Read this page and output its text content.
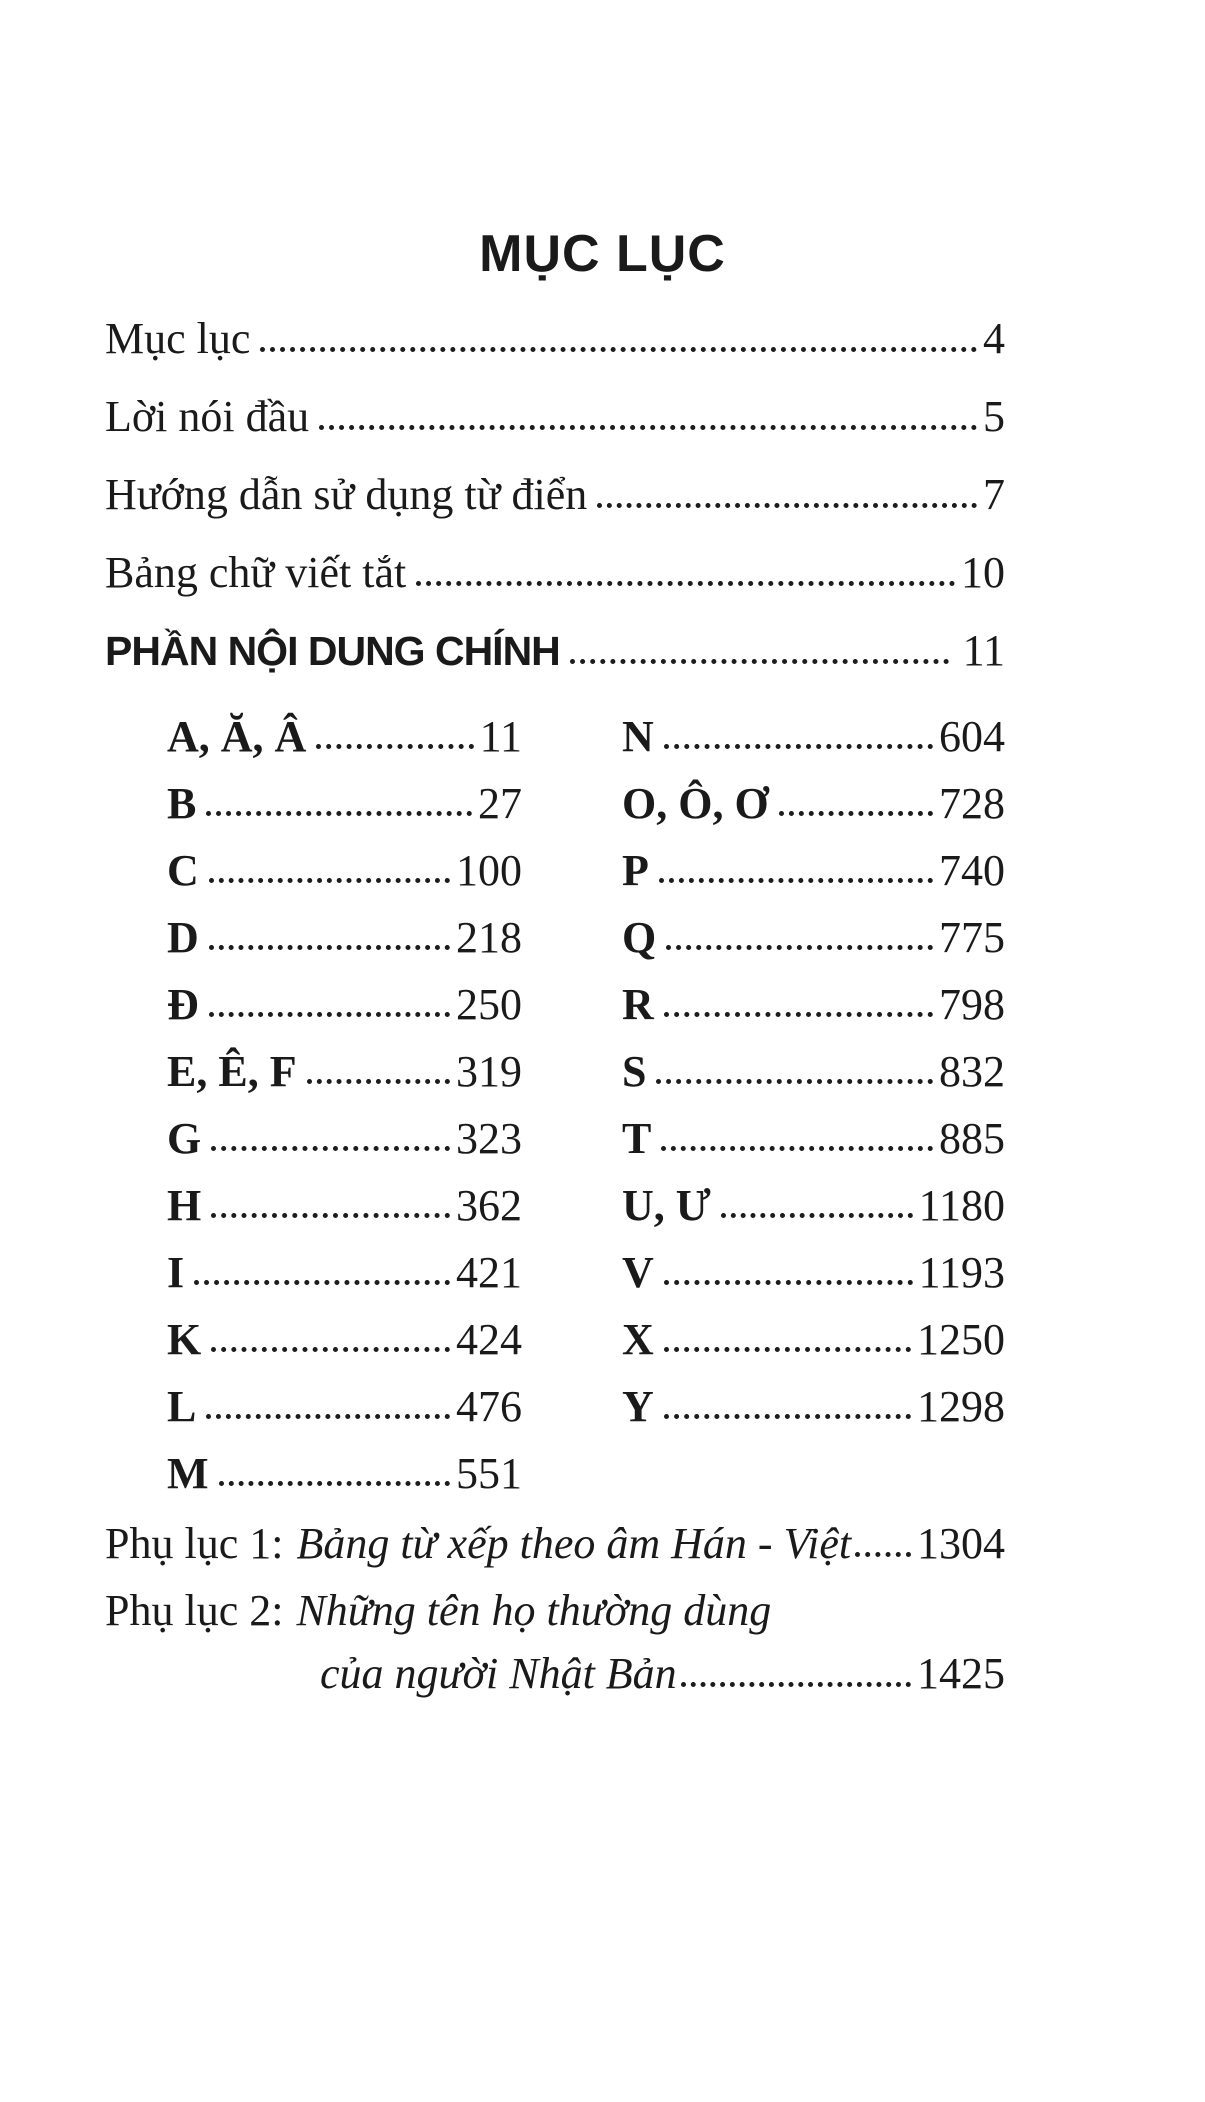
MỤC LỤC
Mục lục	4
Lời nói đầu	5
Hướng dẫn sử dụng từ điển	7
Bảng chữ viết tắt	10
PHẦN NỘI DUNG CHÍNH	11
A, Ă, Â	11
B	27
C	100
D	218
Đ	250
E, Ê, F	319
G	323
H	362
I	421
K	424
L	476
M	551
N	604
O, Ô, Ơ	728
P	740
Q	775
R	798
S	832
T	885
U, Ư	1180
V	1193
X	1250
Y	1298
Phụ lục 1: Bảng từ xếp theo âm Hán - Việt 1304
Phụ lục 2: Những tên họ thường dùng
của người Nhật Bản	1425
